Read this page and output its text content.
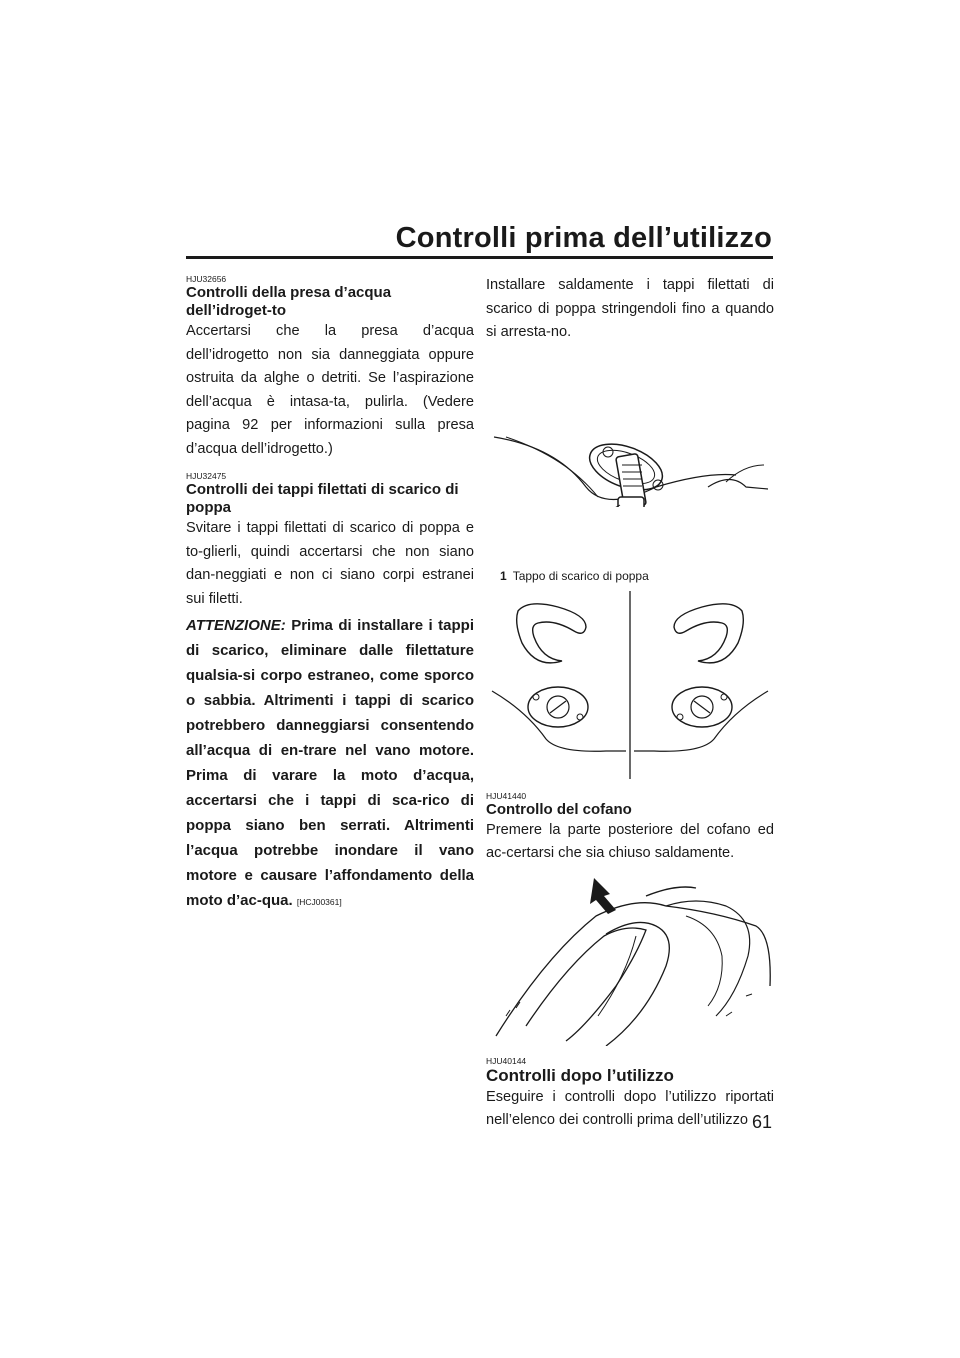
Controlli prima dell’utilizzo
HJU32656

Controlli della presa d’acqua dell’idroget-to

Accertarsi che la presa d’acqua dell’idrogetto non sia danneggiata oppure ostruita da alghe o detriti. Se l’aspirazione dell’acqua è intasa-ta, pulirla. (Vedere pagina 92 per informazioni sulla presa d’acqua dell’idrogetto.)

HJU32475

Controlli dei tappi filettati di scarico di poppa

Svitare i tappi filettati di scarico di poppa e to-glierli, quindi accertarsi che non siano dan-neggiati e non ci siano corpi estranei sui filetti.

ATTENZIONE: Prima di installare i tappi di scarico, eliminare dalle filettature qualsia-si corpo estraneo, come sporco o sabbia. Altrimenti i tappi di scarico potrebbero danneggiarsi consentendo all’acqua di en-trare nel vano motore. Prima di varare la moto d’acqua, accertarsi che i tappi di sca-rico di poppa siano ben serrati. Altrimenti l’acqua potrebbe inondare il vano motore e causare l’affondamento della moto d’ac-qua. [HCJ00361]

Installare saldamente i tappi filettati di scarico di poppa stringendoli fino a quando si arresta-no.

1 Tappo di scarico di poppa
HJU41440

Controllo del cofano

Premere la parte posteriore del cofano ed ac-certarsi che sia chiuso saldamente.

HJU40144

Controlli dopo l’utilizzo

Eseguire i controlli dopo l’utilizzo riportati nell’elenco dei controlli prima dell’utilizzo 61
